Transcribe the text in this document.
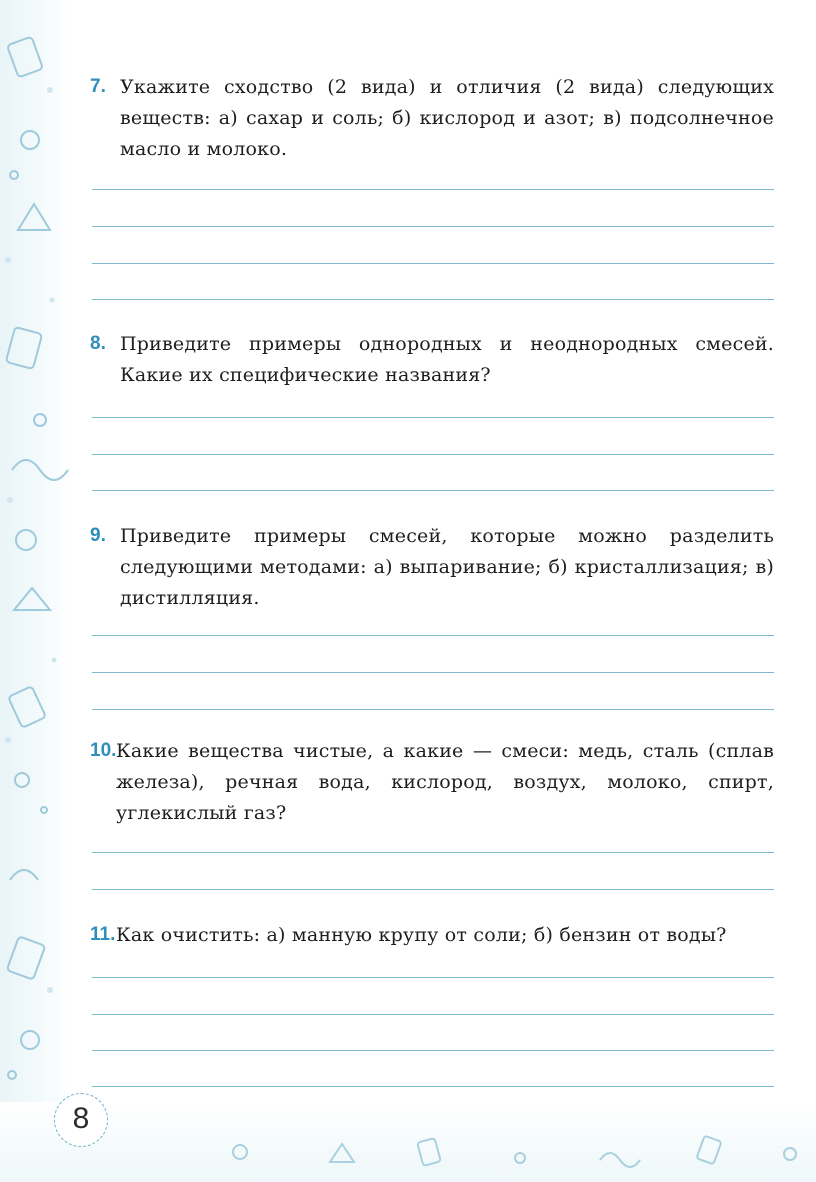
7. Укажите сходство (2 вида) и отличия (2 вида) следующих веществ: а) сахар и соль; б) кислород и азот; в) подсолнечное масло и молоко.
8. Приведите примеры однородных и неоднородных смесей. Какие их специфические названия?
9. Приведите примеры смесей, которые можно разделить следующими методами: а) выпаривание; б) кристаллизация; в) дистилляция.
10. Какие вещества чистые, а какие — смеси: медь, сталь (сплав железа), речная вода, кислород, воздух, молоко, спирт, углекислый газ?
11. Как очистить: а) манную крупу от соли; б) бензин от воды?
8
